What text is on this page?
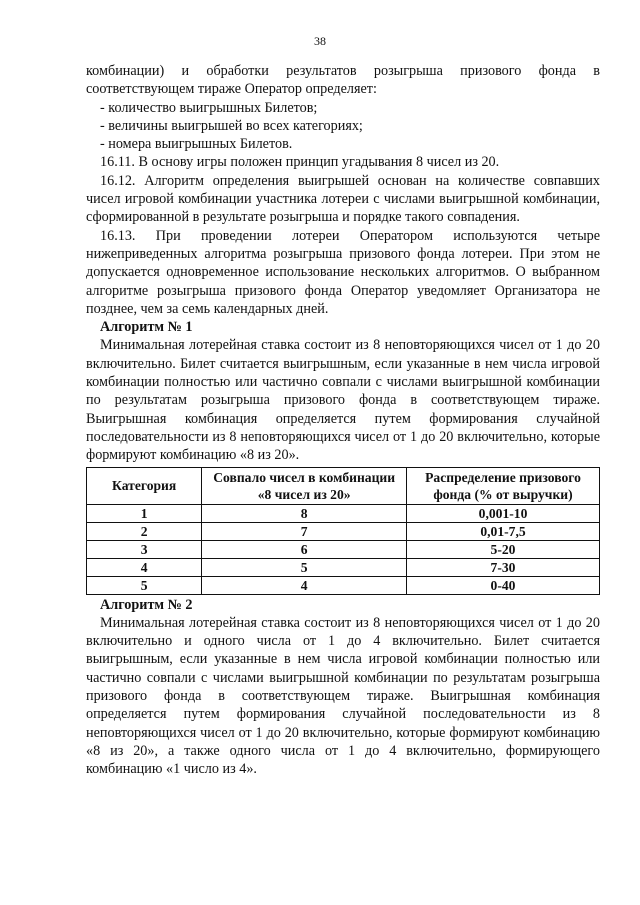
38

комбинации) и обработки результатов розыгрыша призового фонда в

соответствующем тираже Оператор определяет:

- количество выигрышных Билетов;

- величины выигрышей во всех категориях;

- номера выигрышных Билетов.

16.11. В основу игры положен принцип угадывания 8 чисел из 20.

16.12. Алгоритм определения выигрышей основан на количестве совпавших чисел игровой комбинации участника лотереи с числами выигрышной комбинации, сформированной в результате розыгрыша и порядке такого совпадения.

16.13. При проведении лотереи Оператором используются четыре нижеприведенных алгоритма розыгрыша призового фонда лотереи. При этом не допускается одновременное использование нескольких алгоритмов. О выбранном алгоритме розыгрыша призового фонда Оператор уведомляет Организатора не позднее, чем за семь календарных дней.

Алгоритм № 1

Минимальная лотерейная ставка состоит из 8 неповторяющихся чисел от 1 до 20 включительно. Билет считается выигрышным, если указанные в нем числа игровой комбинации полностью или частично совпали с числами выигрышной комбинации по результатам розыгрыша призового фонда в соответствующем тираже. Выигрышная комбинация определяется путем формирования случайной последовательности из 8 неповторяющихся чисел от 1 до 20 включительно, которые формируют комбинацию «8 из 20».

Категория	Совпало чисел в комбинации «8 чисел из 20»	Распределение призового фонда (% от выручки)
1	8	0,001-10
2	7	0,01-7,5
3	6	5-20
4	5	7-30
5	4	0-40

Алгоритм № 2

Минимальная лотерейная ставка состоит из 8 неповторяющихся чисел от 1 до 20 включительно и одного числа от 1 до 4 включительно. Билет считается выигрышным, если указанные в нем числа игровой комбинации полностью или частично совпали с числами выигрышной комбинации по результатам розыгрыша призового фонда в соответствующем тираже. Выигрышная комбинация определяется путем формирования случайной последовательности из 8 неповторяющихся чисел от 1 до 20 включительно, которые формируют комбинацию «8 из 20», а также одного числа от 1 до 4 включительно, формирующего комбинацию «1 число из 4».
